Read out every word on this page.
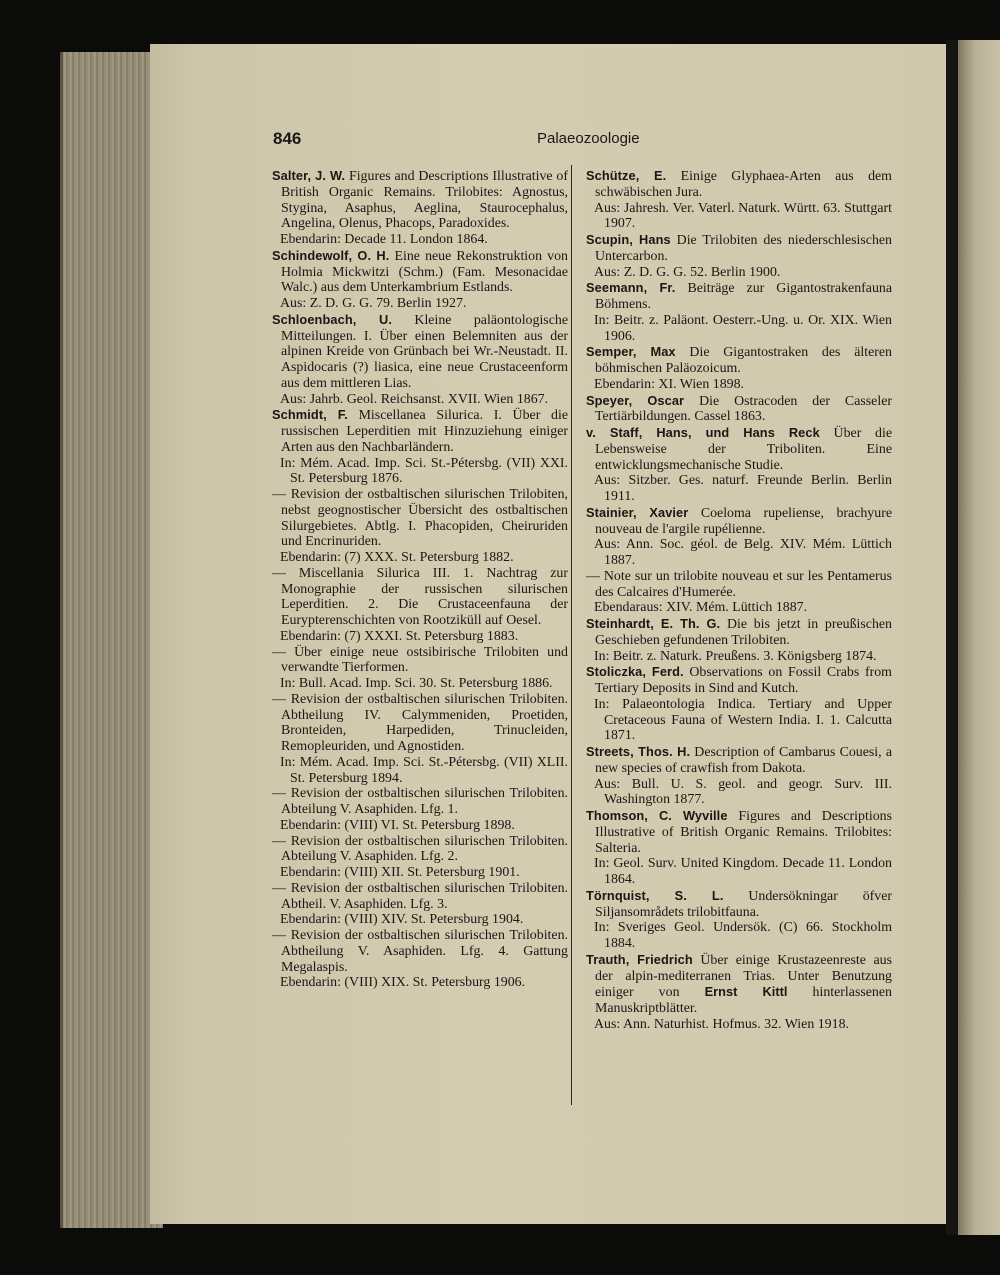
846	Palaeozoologie

Salter, J. W. Figures and Descriptions Illustrative of British Organic Remains. Trilobites: Agnostus, Stygina, Asaphus, Aeglina, Staurocephalus, Angelina, Olenus, Phacops, Paradoxides.

Ebendarin: Decade 11. London 1864.

Schindewolf, O. H. Eine neue Rekonstruktion von Holmia Mickwitzi (Schm.) (Fam. Mesonacidae Walc.) aus dem Unterkambrium Estlands.

Aus: Z. D. G. G. 79. Berlin 1927.

Schloenbach, U. Kleine paläontologische Mitteilungen. I. Über einen Belemniten aus der alpinen Kreide von Grünbach bei Wr.-Neustadt. II. Aspidocaris (?) liasica, eine neue Crustaceenform aus dem mittleren Lias.

Aus: Jahrb. Geol. Reichsanst. XVII. Wien 1867.

Schmidt, F. Miscellanea Silurica. I. Über die russischen Leperditien mit Hinzuziehung einiger Arten aus den Nachbarländern.

In: Mém. Acad. Imp. Sci. St.-Pétersbg. (VII) XXI. St. Petersburg 1876.

— Revision der ostbaltischen silurischen Trilobiten, nebst geognostischer Übersicht des ostbaltischen Silurgebietes. Abtlg. I. Phacopiden, Cheiruriden und Encrinuriden.

Ebendarin: (7) XXX. St. Petersburg 1882.

— Miscellania Silurica III. 1. Nachtrag zur Monographie der russischen silurischen Leperditien. 2. Die Crustaceenfauna der Eurypterenschichten von Rootziküll auf Oesel.

Ebendarin: (7) XXXI. St. Petersburg 1883.

— Über einige neue ostsibirische Trilobiten und verwandte Tierformen.

In: Bull. Acad. Imp. Sci. 30. St. Petersburg 1886.

— Revision der ostbaltischen silurischen Trilobiten. Abtheilung IV. Calymmeniden, Proetiden, Bronteiden, Harpediden, Trinucleiden, Remopleuriden, und Agnostiden.

In: Mém. Acad. Imp. Sci. St.-Pétersbg. (VII) XLII. St. Petersburg 1894.

— Revision der ostbaltischen silurischen Trilobiten. Abteilung V. Asaphiden. Lfg. 1.

Ebendarin: (VIII) VI. St. Petersburg 1898.

— Revision der ostbaltischen silurischen Trilobiten. Abteilung V. Asaphiden. Lfg. 2.

Ebendarin: (VIII) XII. St. Petersburg 1901.

— Revision der ostbaltischen silurischen Trilobiten. Abtheil. V. Asaphiden. Lfg. 3.

Ebendarin: (VIII) XIV. St. Petersburg 1904.

— Revision der ostbaltischen silurischen Trilobiten. Abtheilung V. Asaphiden. Lfg. 4. Gattung Megalaspis.

Ebendarin: (VIII) XIX. St. Petersburg 1906.

Schütze, E. Einige Glyphaea-Arten aus dem schwäbischen Jura.

Aus: Jahresh. Ver. Vaterl. Naturk. Württ. 63. Stuttgart 1907.

Scupin, Hans Die Trilobiten des niederschlesischen Untercarbon.

Aus: Z. D. G. G. 52. Berlin 1900.

Seemann, Fr. Beiträge zur Gigantostrakenfauna Böhmens.

In: Beitr. z. Paläont. Oesterr.-Ung. u. Or. XIX. Wien 1906.

Semper, Max Die Gigantostraken des älteren böhmischen Paläozoicum.

Ebendarin: XI. Wien 1898.

Speyer, Oscar Die Ostracoden der Casseler Tertiärbildungen. Cassel 1863.

v. Staff, Hans, und Hans Reck Über die Lebensweise der Triboliten. Eine entwicklungsmechanische Studie.

Aus: Sitzber. Ges. naturf. Freunde Berlin. Berlin 1911.

Stainier, Xavier Coeloma rupeliense, brachyure nouveau de l'argile rupélienne.

Aus: Ann. Soc. géol. de Belg. XIV. Mém. Lüttich 1887.

— Note sur un trilobite nouveau et sur les Pentamerus des Calcaires d'Humerée.

Ebendaraus: XIV. Mém. Lüttich 1887.

Steinhardt, E. Th. G. Die bis jetzt in preußischen Geschieben gefundenen Trilobiten.

In: Beitr. z. Naturk. Preußens. 3. Königsberg 1874.

Stoliczka, Ferd. Observations on Fossil Crabs from Tertiary Deposits in Sind and Kutch.

In: Palaeontologia Indica. Tertiary and Upper Cretaceous Fauna of Western India. I. 1. Calcutta 1871.

Streets, Thos. H. Description of Cambarus Couesi, a new species of crawfish from Dakota.

Aus: Bull. U. S. geol. and geogr. Surv. III. Washington 1877.

Thomson, C. Wyville Figures and Descriptions Illustrative of British Organic Remains. Trilobites: Salteria.

In: Geol. Surv. United Kingdom. Decade 11. London 1864.

Törnquist, S. L. Undersökningar öfver Siljansområdets trilobitfauna.

In: Sveriges Geol. Undersök. (C) 66. Stockholm 1884.

Trauth, Friedrich Über einige Krustazeenreste aus der alpin-mediterranen Trias. Unter Benutzung einiger von Ernst Kittl hinterlassenen Manuskriptblätter.

Aus: Ann. Naturhist. Hofmus. 32. Wien 1918.
